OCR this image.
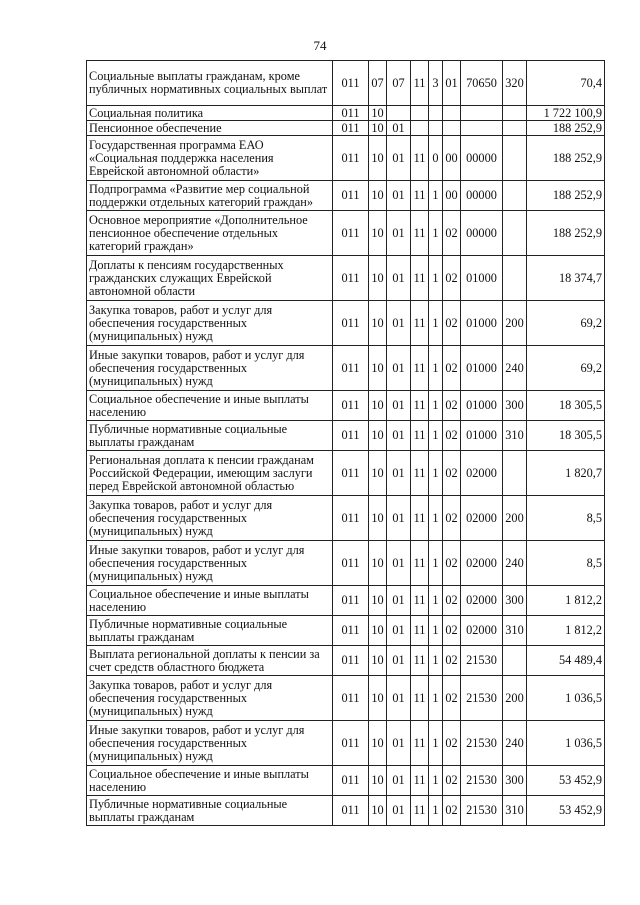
74
Социальные выплаты гражданам, кроме публичных нормативных социальных выплат	011	07	07	11	3	01	70650	320	70,4
Социальная политика	011	10							1 722 100,9
Пенсионное обеспечение	011	10	01						188 252,9
Государственная программа ЕАО «Социальная поддержка населения Еврейской автономной области»	011	10	01	11	0	00	00000		188 252,9
Подпрограмма «Развитие мер социальной поддержки отдельных категорий граждан»	011	10	01	11	1	00	00000		188 252,9
Основное мероприятие «Дополнительное пенсионное обеспечение отдельных категорий граждан»	011	10	01	11	1	02	00000		188 252,9
Доплаты к пенсиям государственных гражданских служащих Еврейской автономной области	011	10	01	11	1	02	01000		18 374,7
Закупка товаров, работ и услуг для обеспечения государственных (муниципальных) нужд	011	10	01	11	1	02	01000	200	69,2
Иные закупки товаров, работ и услуг для обеспечения государственных (муниципальных) нужд	011	10	01	11	1	02	01000	240	69,2
Социальное обеспечение и иные выплаты населению	011	10	01	11	1	02	01000	300	18 305,5
Публичные нормативные социальные выплаты гражданам	011	10	01	11	1	02	01000	310	18 305,5
Региональная доплата к пенсии гражданам Российской Федерации, имеющим заслуги перед Еврейской автономной областью	011	10	01	11	1	02	02000		1 820,7
Закупка товаров, работ и услуг для обеспечения государственных (муниципальных) нужд	011	10	01	11	1	02	02000	200	8,5
Иные закупки товаров, работ и услуг для обеспечения государственных (муниципальных) нужд	011	10	01	11	1	02	02000	240	8,5
Социальное обеспечение и иные выплаты населению	011	10	01	11	1	02	02000	300	1 812,2
Публичные нормативные социальные выплаты гражданам	011	10	01	11	1	02	02000	310	1 812,2
Выплата региональной доплаты к пенсии за счет средств областного бюджета	011	10	01	11	1	02	21530		54 489,4
Закупка товаров, работ и услуг для обеспечения государственных (муниципальных) нужд	011	10	01	11	1	02	21530	200	1 036,5
Иные закупки товаров, работ и услуг для обеспечения государственных (муниципальных) нужд	011	10	01	11	1	02	21530	240	1 036,5
Социальное обеспечение и иные выплаты населению	011	10	01	11	1	02	21530	300	53 452,9
Публичные нормативные социальные выплаты гражданам	011	10	01	11	1	02	21530	310	53 452,9
